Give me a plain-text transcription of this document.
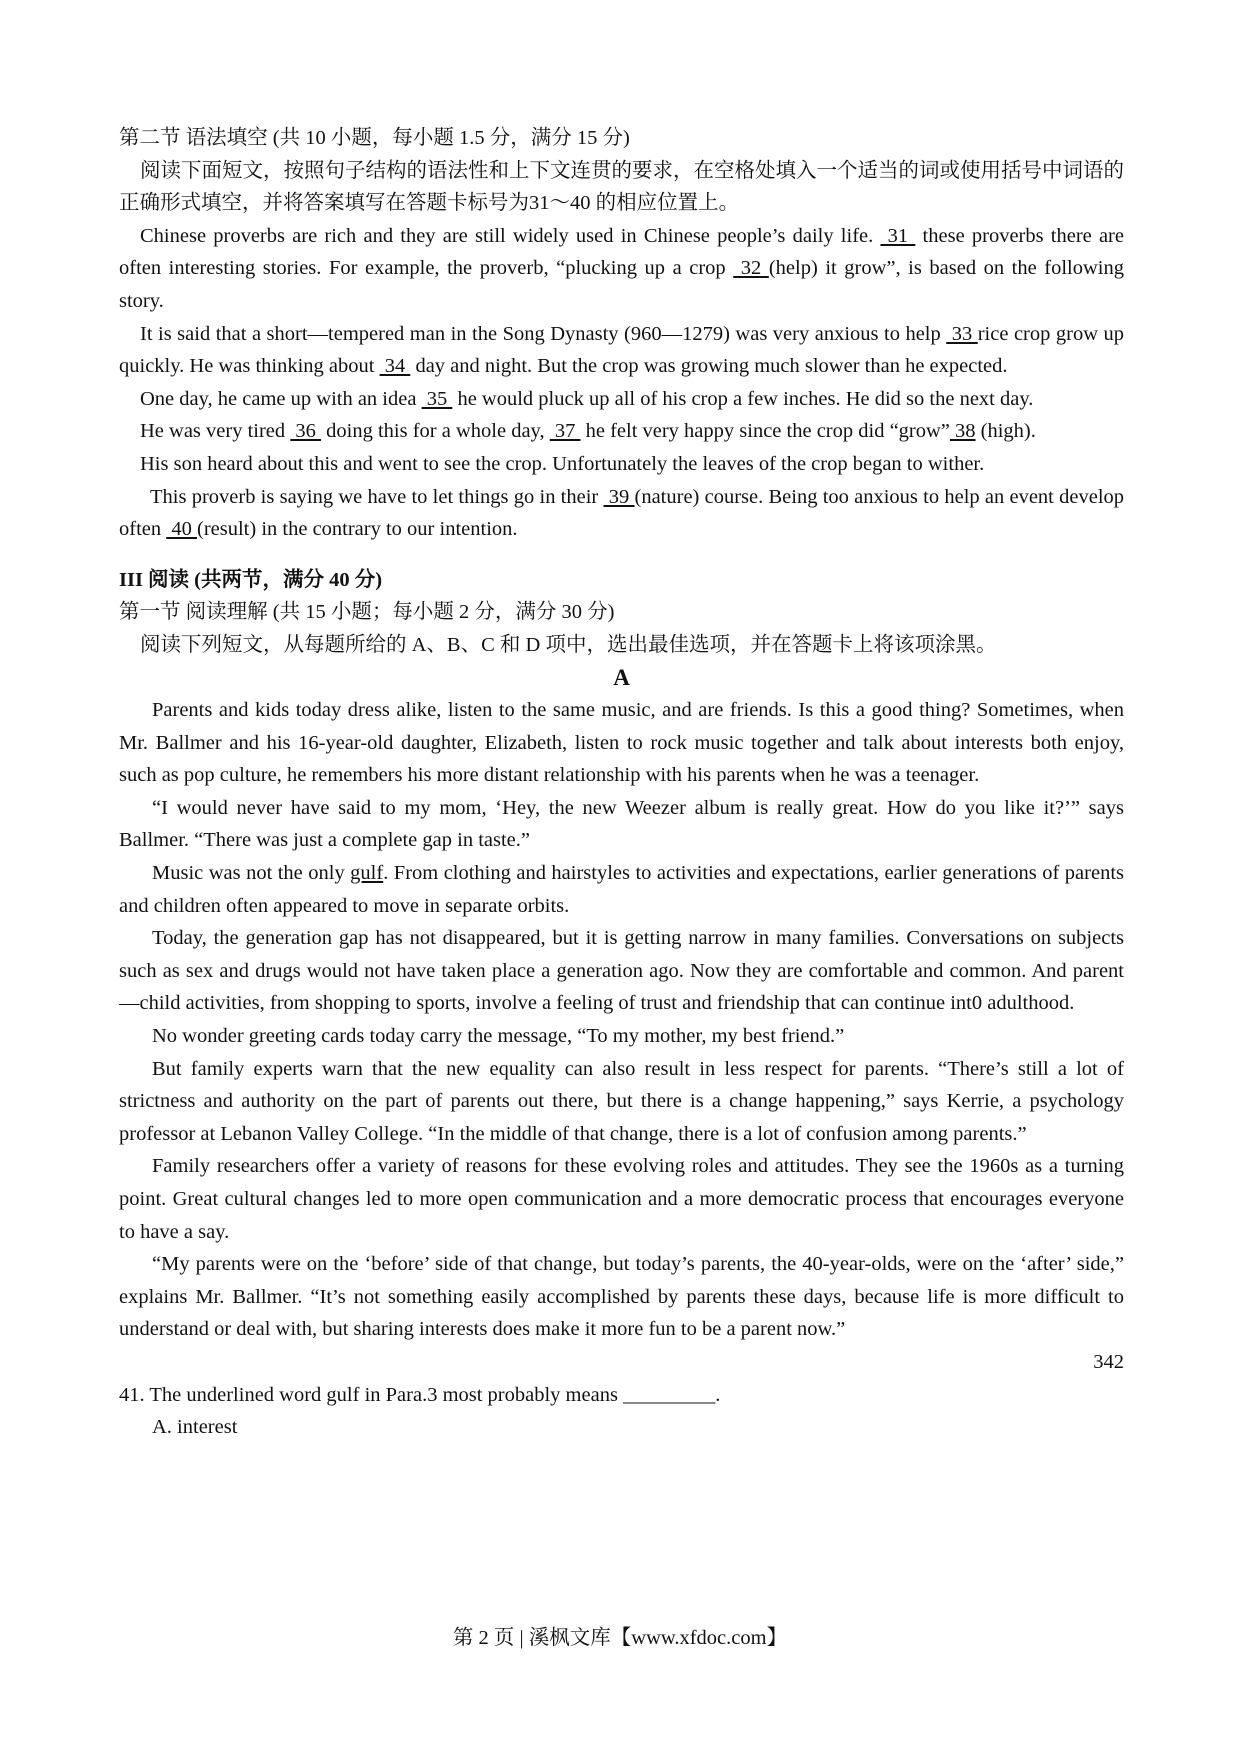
第二节 语法填空 (共 10 小题，每小题 1.5 分，满分 15 分)

阅读下面短文，按照句子结构的语法性和上下文连贯的要求，在空格处填入一个适当的词或使用括号中词语的正确形式填空，并将答案填写在答题卡标号为31～40 的相应位置上。

Chinese proverbs are rich and they are still widely used in Chinese people’s daily life.  31  these proverbs there are often interesting stories. For example, the proverb, “plucking up a crop  32 (help) it grow”, is based on the following story.

It is said that a short—tempered man in the Song Dynasty (960—1279) was very anxious to help  33 rice crop grow up quickly. He was thinking about  34  day and night. But the crop was growing much slower than he expected.

One day, he came up with an idea  35  he would pluck up all of his crop a few inches. He did so the next day.

He was very tired  36  doing this for a whole day,  37  he felt very happy since the crop did “grow” 38 (high).

His son heard about this and went to see the crop. Unfortunately the leaves of the crop began to wither.

This proverb is saying we have to let things go in their  39 (nature) course. Being too anxious to help an event develop often  40 (result) in the contrary to our intention.

III 阅读 (共两节，满分 40 分)

第一节 阅读理解 (共 15 小题；每小题 2 分，满分 30 分)

阅读下列短文，从每题所给的 A、B、C 和 D 项中，选出最佳选项，并在答题卡上将该项涂黑。

A

Parents and kids today dress alike, listen to the same music, and are friends. Is this a good thing? Sometimes, when Mr. Ballmer and his 16-year-old daughter, Elizabeth, listen to rock music together and talk about interests both enjoy, such as pop culture, he remembers his more distant relationship with his parents when he was a teenager.

“I would never have said to my mom, ‘Hey, the new Weezer album is really great. How do you like it?’” says Ballmer. “There was just a complete gap in taste.”

Music was not the only gulf. From clothing and hairstyles to activities and expectations, earlier generations of parents and children often appeared to move in separate orbits.

Today, the generation gap has not disappeared, but it is getting narrow in many families. Conversations on subjects such as sex and drugs would not have taken place a generation ago. Now they are comfortable and common. And parent—child activities, from shopping to sports, involve a feeling of trust and friendship that can continue int0 adulthood.

No wonder greeting cards today carry the message, “To my mother, my best friend.”

But family experts warn that the new equality can also result in less respect for parents. “There’s still a lot of strictness and authority on the part of parents out there, but there is a change happening,” says Kerrie, a psychology professor at Lebanon Valley College. “In the middle of that change, there is a lot of confusion among parents.”

Family researchers offer a variety of reasons for these evolving roles and attitudes. They see the 1960s as a turning point. Great cultural changes led to more open communication and a more democratic process that encourages everyone to have a say.

“My parents were on the ‘before’ side of that change, but today’s parents, the 40-year-olds, were on the ‘after’ side,” explains Mr. Ballmer. “It’s not something easily accomplished by parents these days, because life is more difficult to understand or deal with, but sharing interests does make it more fun to be a parent now.”

342

41. The underlined word gulf in Para.3 most probably means _________.

A. interest

第 2 页 | 溪枫文库【www.xfdoc.com】
